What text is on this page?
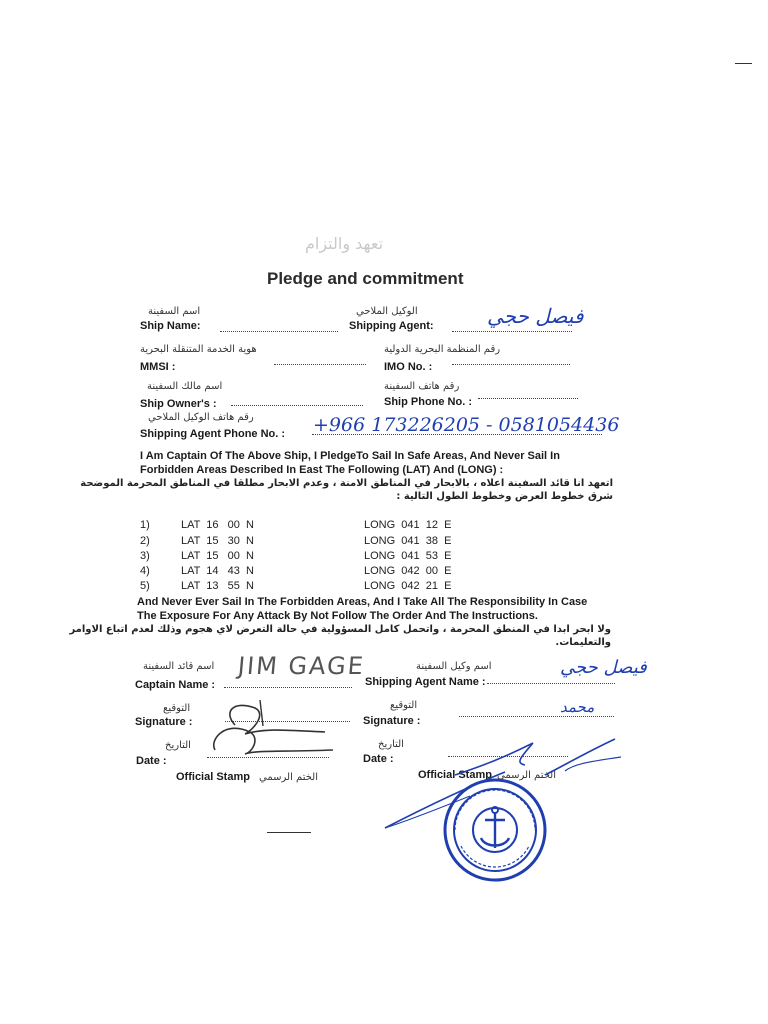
تعهد والتزام
Pledge and commitment
اسم السفينة
Ship Name:
الوكيل الملاحي
Shipping Agent:	فيصل حجي
هوية الخدمة المتنقلة البحرية
MMSI :
رقم المنظمة البحرية الدولية
IMO No. :
اسم مالك السفينة
Ship Owner's :
رقم هاتف السفينة
Ship Phone No. :
رقم هاتف الوكيل الملاحي
Shipping Agent Phone No. : +966 173226205 - 0581054436
I Am Captain Of The Above Ship, I PledgeTo Sail In Safe Areas, And Never Sail In
Forbidden Areas Described In East The Following (LAT) And (LONG) :
اتعهد انا قائد السفينة اعلاه ، بالابحار في المناطق الامنة ، وعدم الابحار مطلقا في المناطق المحرمة الموضحة
شرق خطوط العرض وخطوط الطول التالية :
1)	LAT  16   00  N	LONG  041  12  E
2)	LAT  15   30  N	LONG  041  38  E
3)	LAT  15   00  N	LONG  041  53  E
4)	LAT  14   43  N	LONG  042  00  E
5)	LAT  13   55  N	LONG  042  21  E
And Never Ever Sail In The Forbidden Areas, And I Take All The Responsibility In Case
The Exposure For Any Attack By Not Follow The Order And The Instructions.
ولا ابحر ابدا في المنطق المحرمة ، واتحمل كامل المسؤولية في حالة التعرض لاي هجوم وذلك لعدم اتباع الاوامر
والتعليمات.
اسم قائد السفينة
Captain Name :
JIM GAGE	اسم وكيل السفينة
Shipping Agent Name :
فيصل حجي
التوقيع
Signature :
التوقيع
Signature :
محمد
التاريخ
Date :
التاريخ
Date :
Official Stamp الختم الرسمي	Official Stamp الختم الرسمي
